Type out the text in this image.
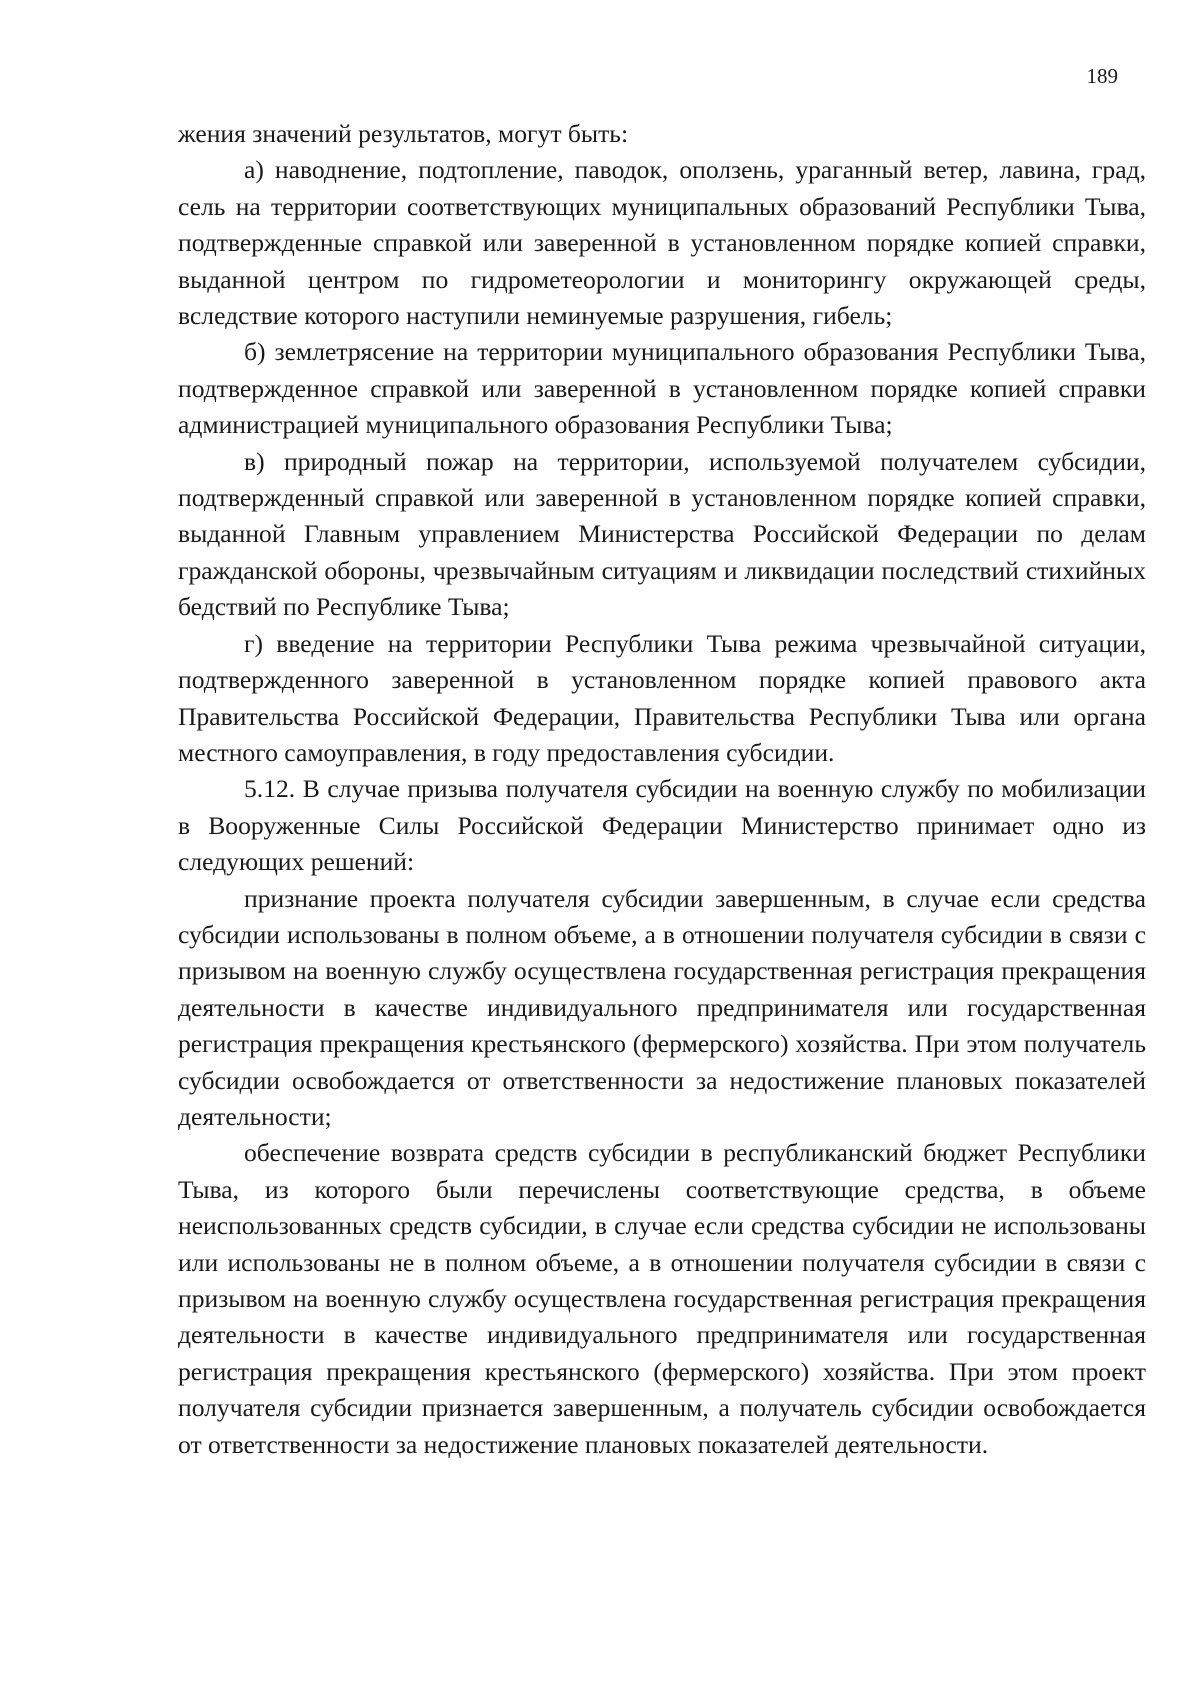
189

жения значений результатов, могут быть:

а) наводнение, подтопление, паводок, оползень, ураганный ветер, лавина, град, сель на территории соответствующих муниципальных образований Республики Тыва, подтвержденные справкой или заверенной в установленном порядке копией справки, выданной центром по гидрометеорологии и мониторингу окружающей среды, вследствие которого наступили неминуемые разрушения, гибель;

б) землетрясение на территории муниципального образования Республики Тыва, подтвержденное справкой или заверенной в установленном порядке копией справки администрацией муниципального образования Республики Тыва;

в) природный пожар на территории, используемой получателем субсидии, подтвержденный справкой или заверенной в установленном порядке копией справки, выданной Главным управлением Министерства Российской Федерации по делам гражданской обороны, чрезвычайным ситуациям и ликвидации последствий стихийных бедствий по Республике Тыва;

г) введение на территории Республики Тыва режима чрезвычайной ситуации, подтвержденного заверенной в установленном порядке копией правового акта Правительства Российской Федерации, Правительства Республики Тыва или органа местного самоуправления, в году предоставления субсидии.

5.12. В случае призыва получателя субсидии на военную службу по мобилизации в Вооруженные Силы Российской Федерации Министерство принимает одно из следующих решений:

признание проекта получателя субсидии завершенным, в случае если средства субсидии использованы в полном объеме, а в отношении получателя субсидии в связи с призывом на военную службу осуществлена государственная регистрация прекращения деятельности в качестве индивидуального предпринимателя или государственная регистрация прекращения крестьянского (фермерского) хозяйства. При этом получатель субсидии освобождается от ответственности за недостижение плановых показателей деятельности;

обеспечение возврата средств субсидии в республиканский бюджет Республики Тыва, из которого были перечислены соответствующие средства, в объеме неиспользованных средств субсидии, в случае если средства субсидии не использованы или использованы не в полном объеме, а в отношении получателя субсидии в связи с призывом на военную службу осуществлена государственная регистрация прекращения деятельности в качестве индивидуального предпринимателя или государственная регистрация прекращения крестьянского (фермерского) хозяйства. При этом проект получателя субсидии признается завершенным, а получатель субсидии освобождается от ответственности за недостижение плановых показателей деятельности.
